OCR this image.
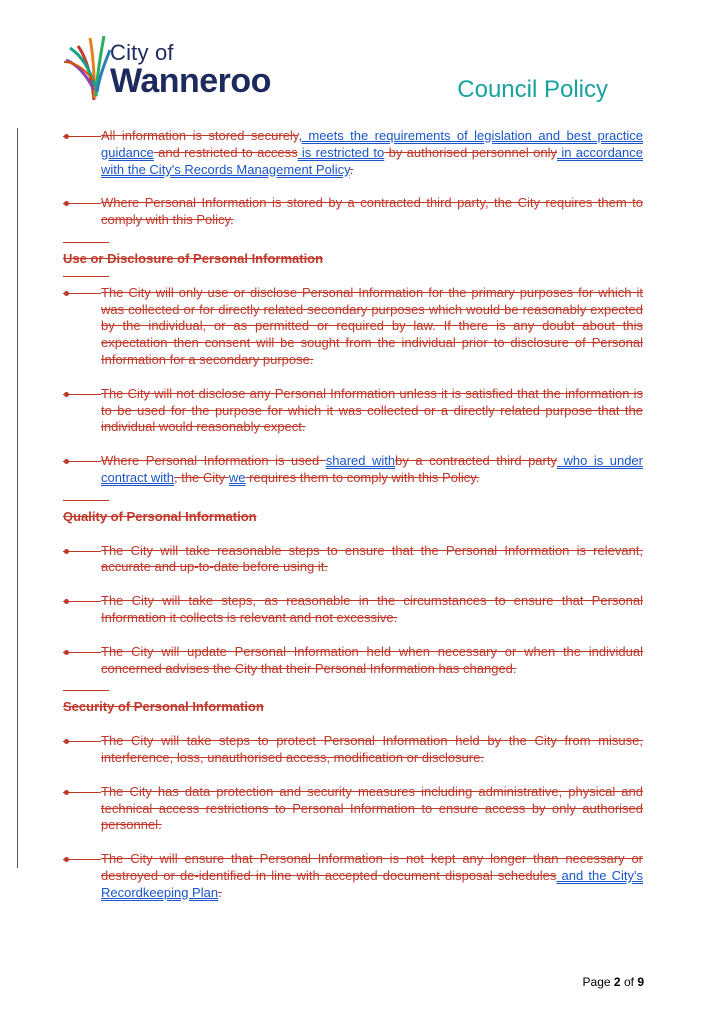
City of
Wanneroo	Council Policy
All information is stored securely, meets the requirements of legislation and best practice guidance and restricted to access is restricted to by authorised personnel only in accordance with the City's Records Management Policy.
Where Personal Information is stored by a contracted third party, the City requires them to comply with this Policy.
Use or Disclosure of Personal Information
The City will only use or disclose Personal Information for the primary purposes for which it was collected or for directly related secondary purposes which would be reasonably expected by the individual, or as permitted or required by law. If there is any doubt about this expectation then consent will be sought from the individual prior to disclosure of Personal Information for a secondary purpose.
The City will not disclose any Personal Information unless it is satisfied that the information is to be used for the purpose for which it was collected or a directly related purpose that the individual would reasonably expect.
Where Personal Information is used shared withby a contracted third party who is under contract with, the City we requires them to comply with this Policy.
Quality of Personal Information
The City will take reasonable steps to ensure that the Personal Information is relevant, accurate and up-to-date before using it.
The City will take steps, as reasonable in the circumstances to ensure that Personal Information it collects is relevant and not excessive.
The City will update Personal Information held when necessary or when the individual concerned advises the City that their Personal Information has changed.
Security of Personal Information
The City will take steps to protect Personal Information held by the City from misuse, interference, loss, unauthorised access, modification or disclosure.
The City has data protection and security measures including administrative, physical and technical access restrictions to Personal Information to ensure access by only authorised personnel.
The City will ensure that Personal Information is not kept any longer than necessary or destroyed or de-identified in line with accepted document disposal schedules and the City's Recordkeeping Plan.
Page 2 of 9
